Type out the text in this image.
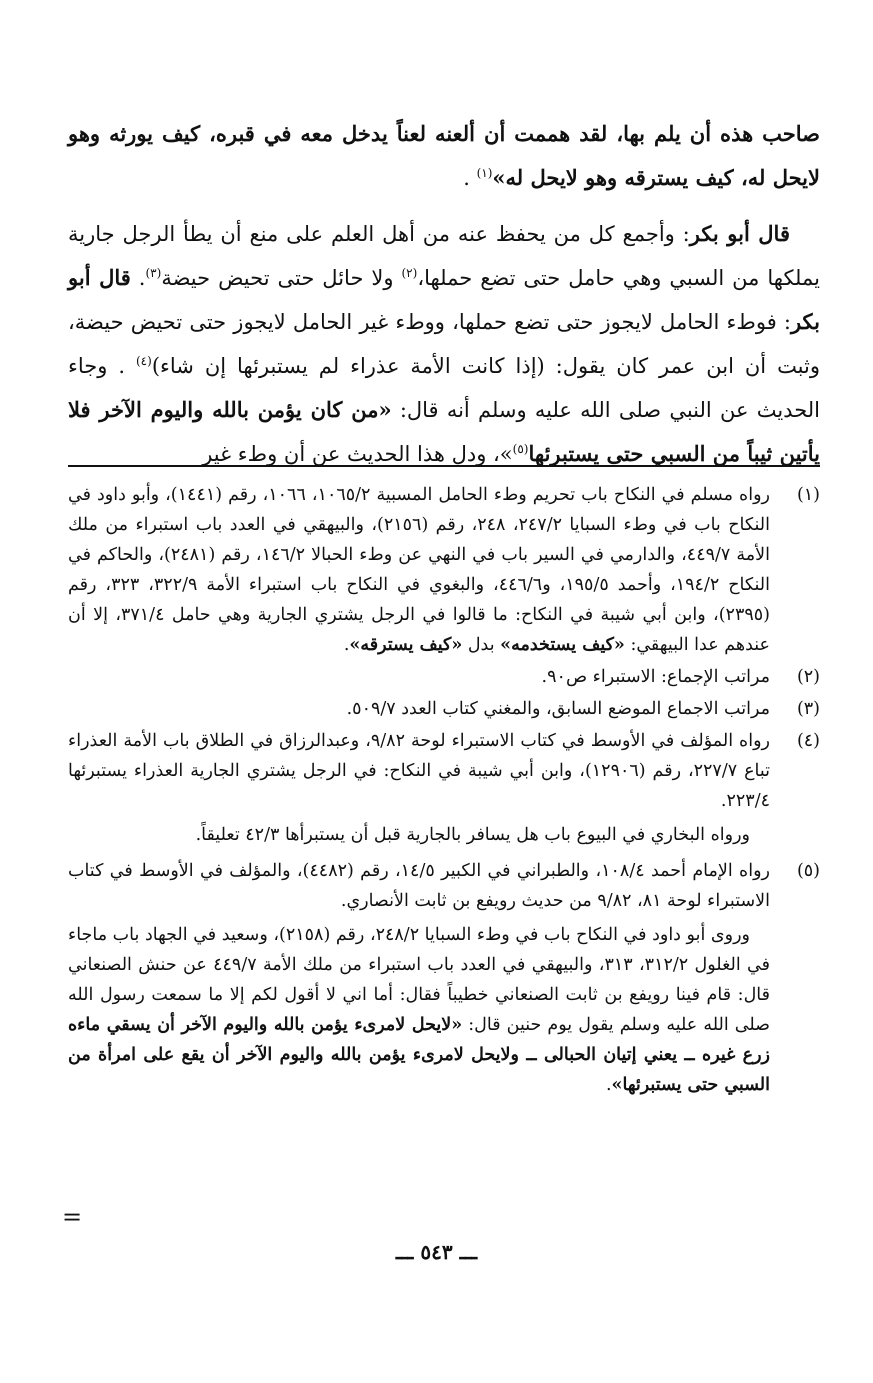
صاحب هذه أن يلم بها، لقد هممت أن ألعنه لعناً يدخل معه في قبره، كيف يورثه وهو لايحل له، كيف يسترقه وهو لايحل له»$^{(١)}$ .

قال أبو بكر: وأجمع كل من يحفظ عنه من أهل العلم على منع أن يطأ الرجل جارية يملكها من السبي وهي حامل حتى تضع حملها،$^{(٢)}$ ولا حائل حتى تحيض حيضة$^{(٣)}$. قال أبو بكر: فوطء الحامل لايجوز حتى تضع حملها، ووطء غير الحامل لايجوز حتى تحيض حيضة، وثبت أن ابن عمر كان يقول: (إذا كانت الأمة عذراء لم يستبرئها إن شاء)$^{(٤)}$ . وجاء الحديث عن النبي صلى الله عليه وسلم أنه قال: «من كان يؤمن بالله واليوم الآخر فلا يأتين ثيباً من السبي حتى يستبرئها$^{(٥)}$»، ودل هذا الحديث عن أن وطء غير

(١)
رواه مسلم في النكاح باب تحريم وطء الحامل المسبية ١٠٦٥/٢، ١٠٦٦، رقم (١٤٤١)، وأبو داود في النكاح باب في وطء السبايا ٢٤٧/٢، ٢٤٨، رقم (٢١٥٦)، والبيهقي في العدد باب استبراء من ملك الأمة ٤٤٩/٧، والدارمي في السير باب في النهي عن وطء الحبالا ١٤٦/٢، رقم (٢٤٨١)، والحاكم في النكاح ١٩٤/٢، وأحمد ١٩٥/٥، و٤٤٦/٦، والبغوي في النكاح باب استبراء الأمة ٣٢٢/٩، ٣٢٣، رقم (٢٣٩٥)، وابن أبي شيبة في النكاح: ما قالوا في الرجل يشتري الجارية وهي حامل ٣٧١/٤، إلا أن عندهم عدا البيهقي: «كيف يستخدمه» بدل «كيف يسترقه».
(٢)
مراتب الإجماع: الاستبراء ص٩٠.
(٣)
مراتب الاجماع الموضع السابق، والمغني كتاب العدد ٥٠٩/٧.
(٤)
رواه المؤلف في الأوسط في كتاب الاستبراء لوحة ٩/٨٢، وعبدالرزاق في الطلاق باب الأمة العذراء تباع ٢٢٧/٧، رقم (١٢٩٠٦)، وابن أبي شيبة في النكاح: في الرجل يشتري الجارية العذراء يستبرئها ٢٢٣/٤.
ورواه البخاري في البيوع باب هل يسافر بالجارية قبل أن يستبرأها ٤٢/٣ تعليقاً.
(٥)
رواه الإمام أحمد ١٠٨/٤، والطبراني في الكبير ١٤/٥، رقم (٤٤٨٢)، والمؤلف في الأوسط في كتاب الاستبراء لوحة ٨١، ٩/٨٢ من حديث رويفع بن ثابت الأنصاري.
وروى أبو داود في النكاح باب في وطء السبايا ٢٤٨/٢، رقم (٢١٥٨)، وسعيد في الجهاد باب ماجاء في الغلول ٣١٢/٢، ٣١٣، والبيهقي في العدد باب استبراء من ملك الأمة ٤٤٩/٧ عن حنش الصنعاني قال: قام فينا رويفع بن ثابت الصنعاني خطيباً فقال: أما اني لا أقول لكم إلا ما سمعت رسول الله صلى الله عليه وسلم يقول يوم حنين قال: «لايحل لامرىء يؤمن بالله واليوم الآخر أن يسقي ماءه زرع غيره ــ يعني إتيان الحبالى ــ ولايحل لامرىء يؤمن بالله واليوم الآخر أن يقع على امرأة من السبي حتى يستبرئها».
=
ـــ ٥٤٣ ـــ
